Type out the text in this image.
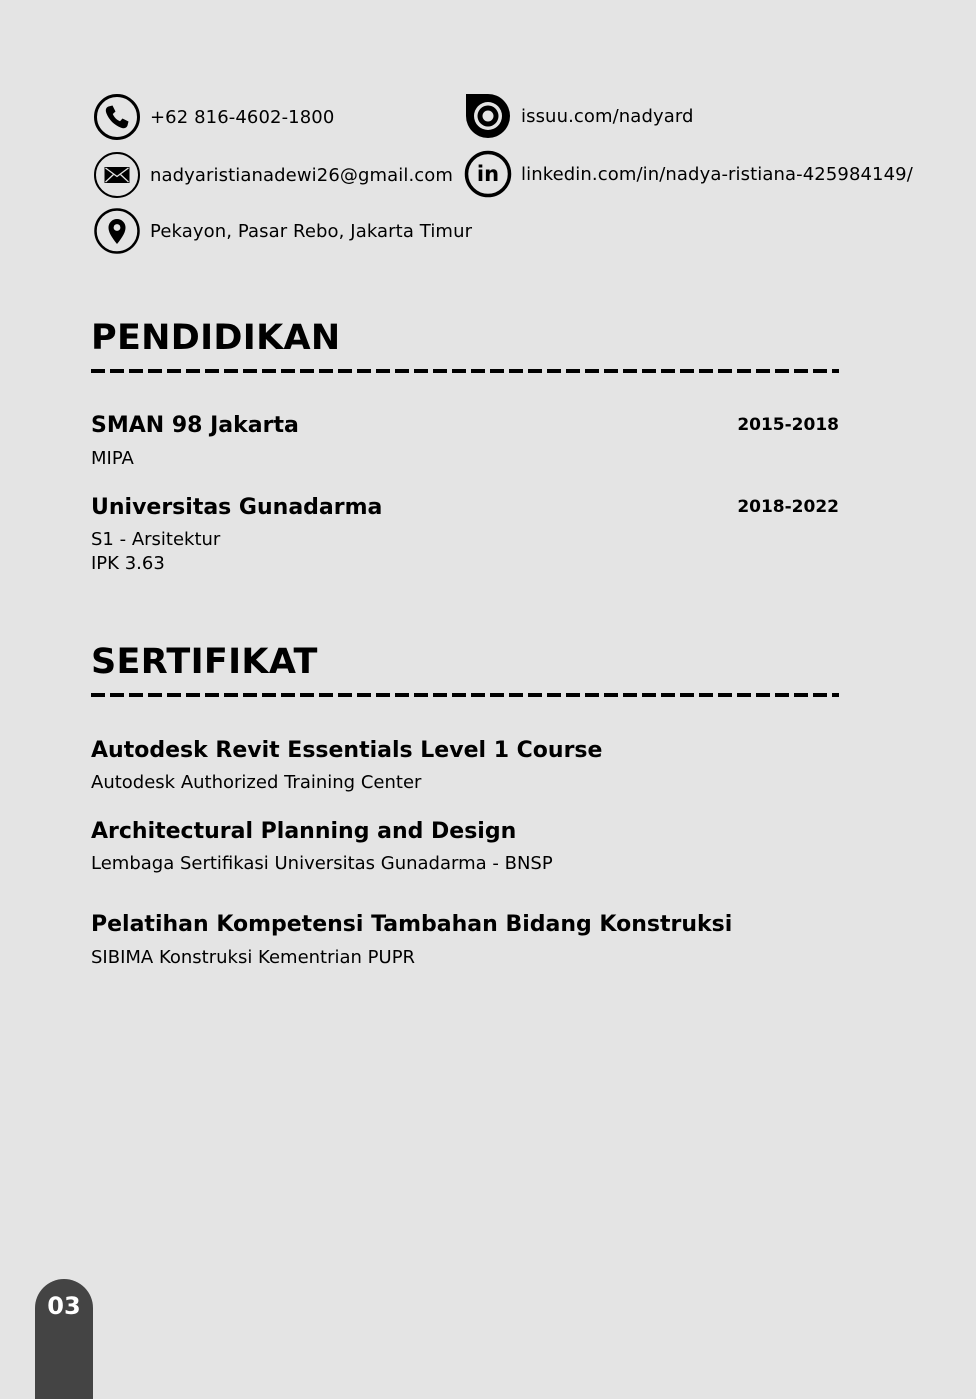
+62 816-4602-1800
nadyaristianadewi26@gmail.com
Pekayon, Pasar Rebo, Jakarta Timur
issuu.com/nadyard
in linkedin.com/in/nadya-ristiana-425984149/
PENDIDIKAN
SMAN 98 Jakarta	2015-2018
MIPA
Universitas Gunadarma	2018-2022
S1 - Arsitektur
IPK 3.63
SERTIFIKAT
Autodesk Revit Essentials Level 1 Course
Autodesk Authorized Training Center
Architectural Planning and Design
Lembaga Sertifikasi Universitas Gunadarma - BNSP
Pelatihan Kompetensi Tambahan Bidang Konstruksi
SIBIMA Konstruksi Kementrian PUPR
03
